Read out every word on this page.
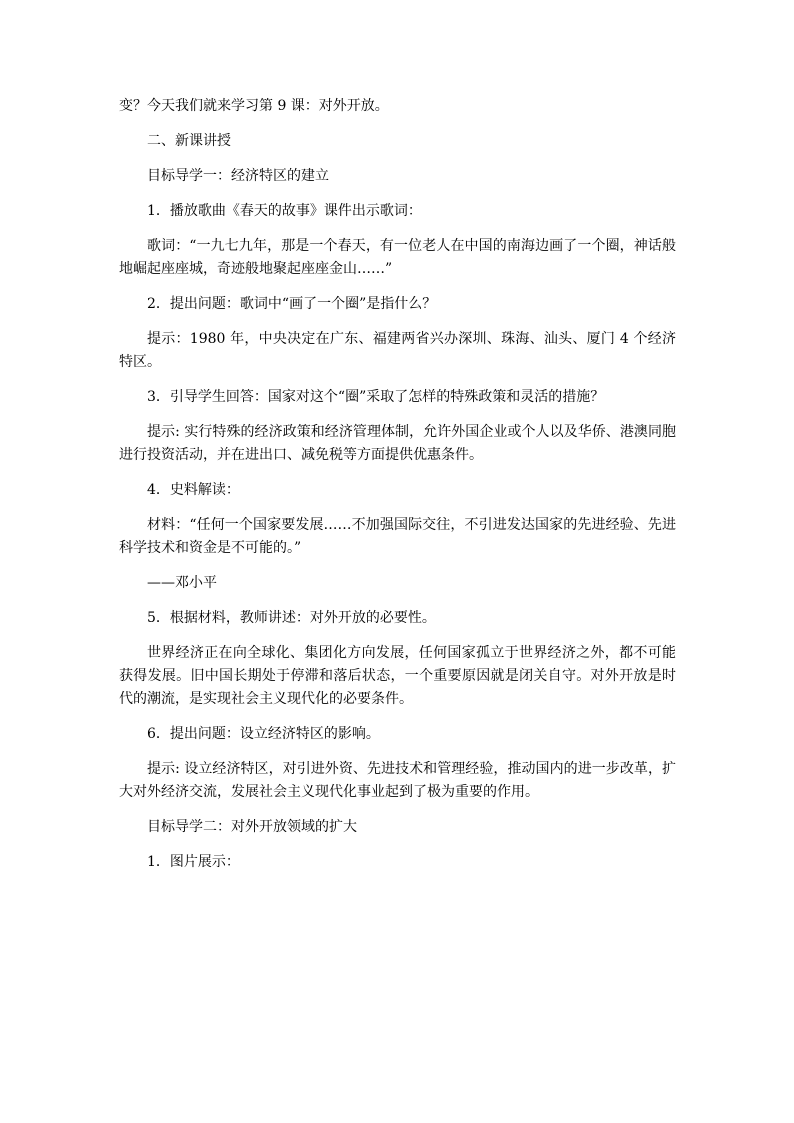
变？今天我们就来学习第 9 课：对外开放。

二、新课讲授

目标导学一：经济特区的建立

1．播放歌曲《春天的故事》课件出示歌词：

歌词：“一九七九年，那是一个春天，有一位老人在中国的南海边画了一个圈，神话般地崛起座座城，奇迹般地聚起座座金山……”

2．提出问题：歌词中“画了一个圈”是指什么？

提示：1980 年，中央决定在广东、福建两省兴办深圳、珠海、汕头、厦门 4 个经济特区。

3．引导学生回答：国家对这个“圈”采取了怎样的特殊政策和灵活的措施？

提示: 实行特殊的经济政策和经济管理体制，允许外国企业或个人以及华侨、港澳同胞进行投资活动，并在进出口、减免税等方面提供优惠条件。

4．史料解读：

材料：“任何一个国家要发展……不加强国际交往，不引进发达国家的先进经验、先进科学技术和资金是不可能的。”

——邓小平

5．根据材料，教师讲述：对外开放的必要性。

世界经济正在向全球化、集团化方向发展，任何国家孤立于世界经济之外，都不可能获得发展。旧中国长期处于停滞和落后状态，一个重要原因就是闭关自守。对外开放是时代的潮流，是实现社会主义现代化的必要条件。

6．提出问题：设立经济特区的影响。

提示: 设立经济特区，对引进外资、先进技术和管理经验，推动国内的进一步改革，扩大对外经济交流，发展社会主义现代化事业起到了极为重要的作用。

目标导学二：对外开放领域的扩大

1．图片展示：
